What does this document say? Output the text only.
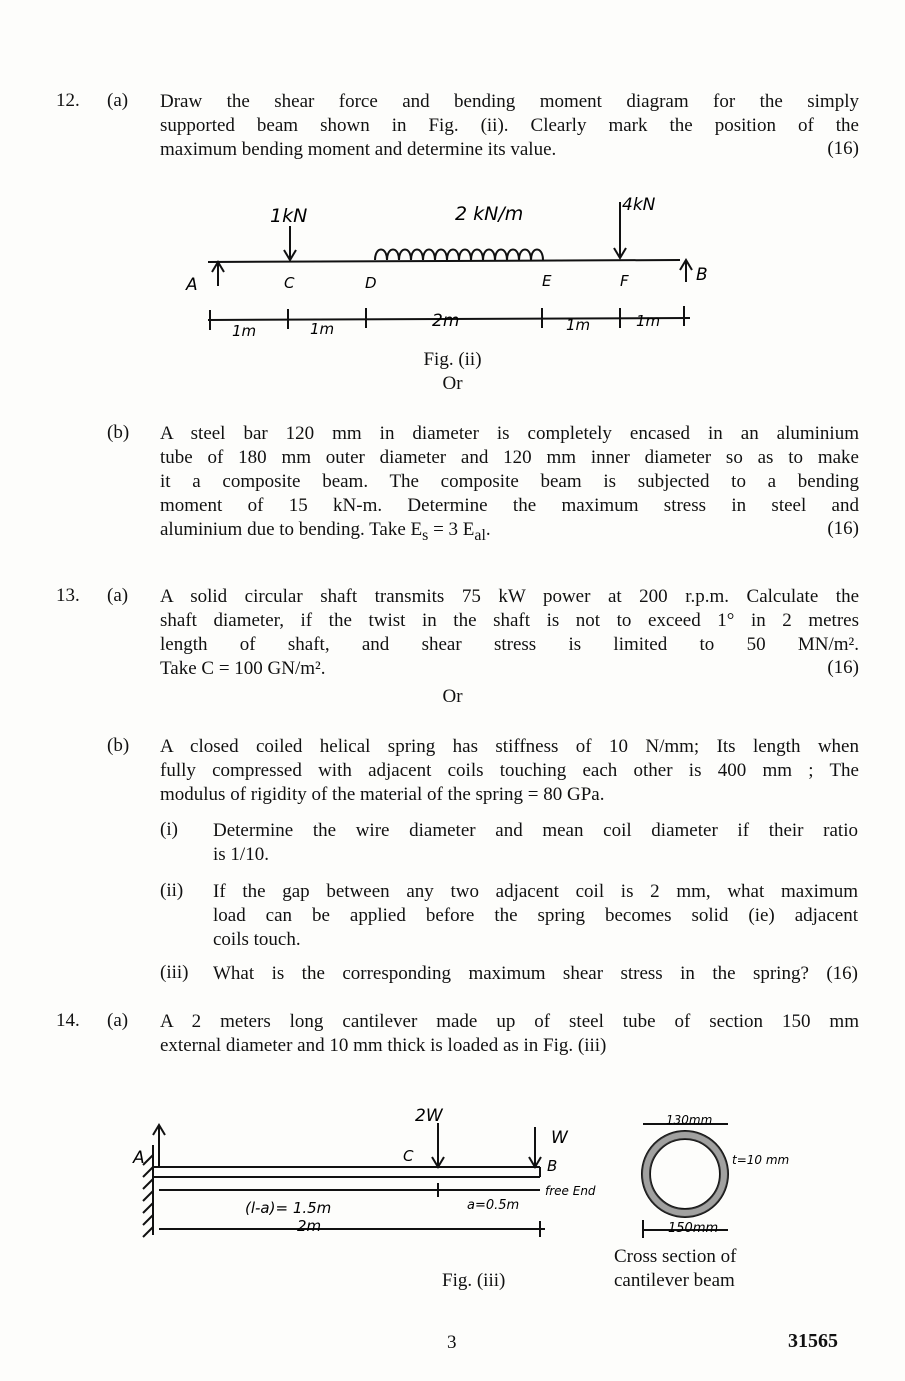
12. (a) Draw the shear force and bending moment diagram for the simply
supported beam shown in Fig. (ii). Clearly mark the position of the
maximum bending moment and determine its value.	(16)
1kN	2 kN/m	4kN
A	C	D	E	F	B
1m	1m	2m	1m	1m
Fig. (ii)
Or
(b) A steel bar 120 mm in diameter is completely encased in an aluminium
tube of 180 mm outer diameter and 120 mm inner diameter so as to make
it a composite beam. The composite beam is subjected to a bending
moment of 15 kN-m. Determine the maximum stress in steel and
aluminium due to bending. Take $E_s = 3$ $E_{al}$.	(16)
13. (a) A solid circular shaft transmits 75 kW power at 200 r.p.m. Calculate the
shaft diameter, if the twist in the shaft is not to exceed 1° in 2 metres
length of shaft, and shear stress is limited to 50 MN/m².
Take C = 100 GN/m².	(16)
Or
(b) A closed coiled helical spring has stiffness of 10 N/mm; Its length when
fully compressed with adjacent coils touching each other is 400 mm ; The
modulus of rigidity of the material of the spring = 80 GPa.
(i) Determine the wire diameter and mean coil diameter if their ratio
is 1/10.
(ii) If the gap between any two adjacent coil is 2 mm, what maximum
load can be applied before the spring becomes solid (ie) adjacent
coils touch.
(iii) What is the corresponding maximum shear stress in the spring? (16)
14. (a) A 2 meters long cantilever made up of steel tube of section 150 mm
external diameter and 10 mm thick is loaded as in Fig. (iii)
A
2W
C
W
B
free End
(l-a)= 1.5m	a=0.5m
2m
130mm
t=10 mm
150mm
Fig. (iii)
Cross section of
cantilever beam
3	31565
